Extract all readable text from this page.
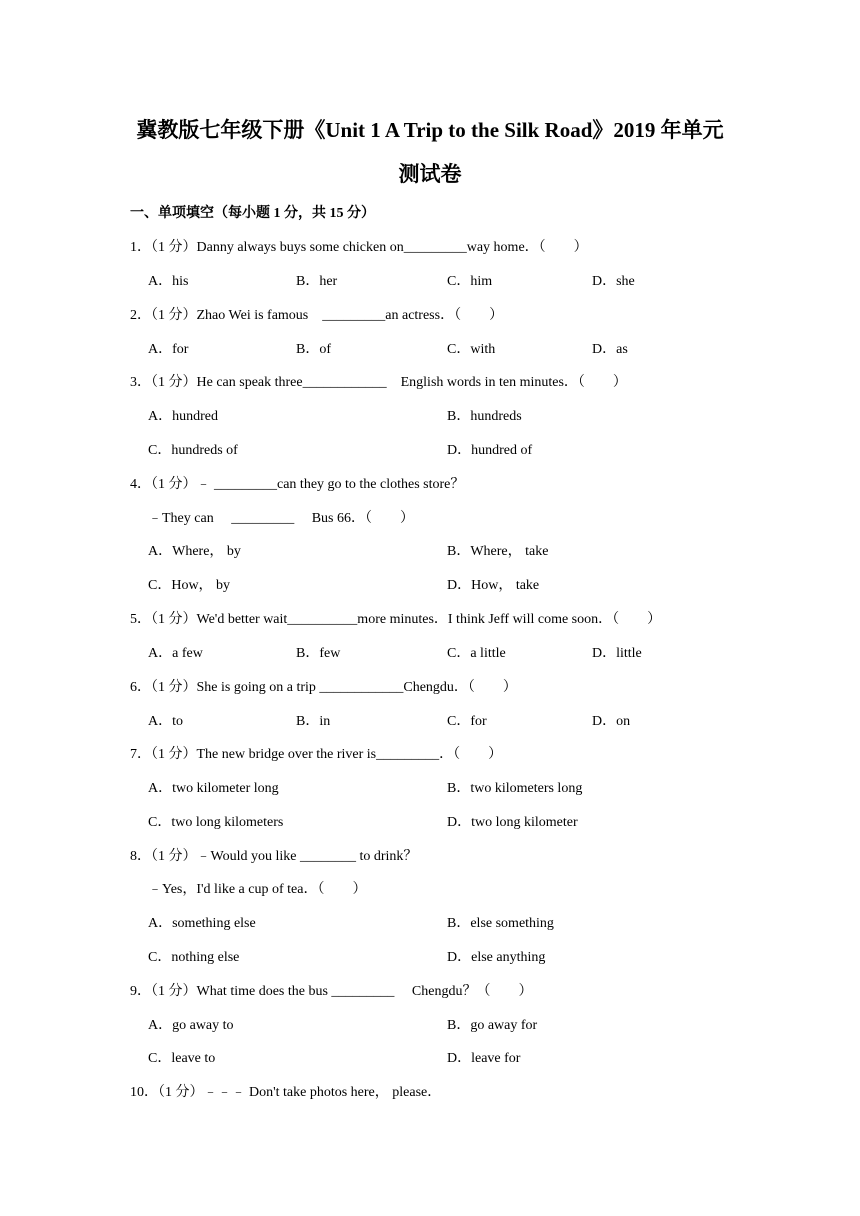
冀教版七年级下册《Unit 1 A Trip to the Silk Road》2019 年单元
测试卷
一、单项填空（每小题 1 分，共 15 分）
1．（1 分）Danny always buys some chicken on_________way home．（　　）
A．his	B．her	C．him	D．she
2．（1 分）Zhao Wei is famous　_________an actress．（　　）
A．for	B．of	C．with	D．as
3．（1 分）He can speak three____________　English words in ten minutes．（　　）
A．hundred	B．hundreds
C．hundreds of	D．hundred of
4．（1 分）﹣ _________can they go to the clothes store？
﹣They can　 _________　 Bus 66．（　　）
A．Where， by	B．Where， take
C．How， by	D．How， take
5．（1 分）We'd better wait__________more minutes．I think Jeff will come soon．（　　）
A．a few	B．few	C．a little	D．little
6．（1 分）She is going on a trip ____________Chengdu．（　　）
A．to	B．in	C．for	D．on
7．（1 分）The new bridge over the river is_________．（　　）
A．two kilometer long	B．two kilometers long
C．two long kilometers	D．two long kilometer
8．（1 分）﹣Would you like ________ to drink？
﹣Yes，I'd like a cup of tea．（　　）
A．something else	B．else something
C．nothing else	D．else anything
9．（1 分）What time does the bus _________　 Chengdu？（　　）
A．go away to	B．go away for
C．leave to	D．leave for
10．（1 分）﹣﹣﹣ Don't take photos here， please．
